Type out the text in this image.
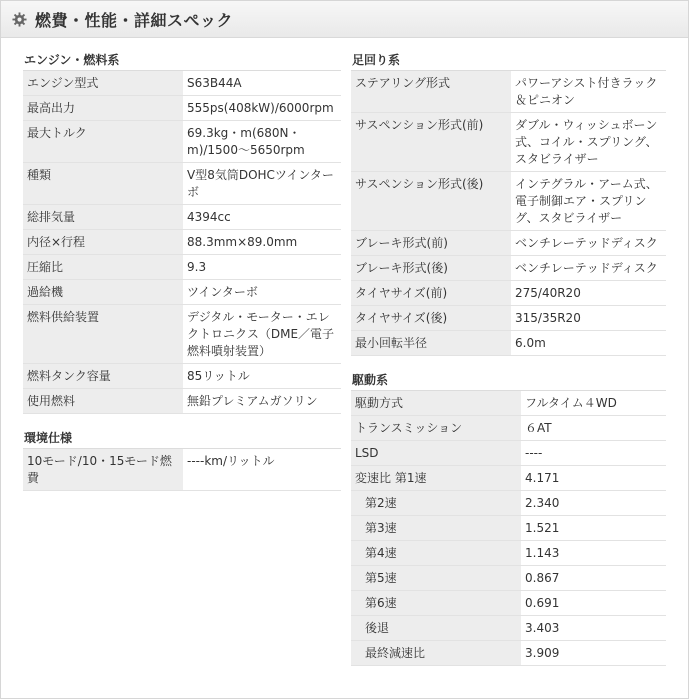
燃費・性能・詳細スペック
エンジン・燃料系
エンジン型式	S63B44A
最高出力	555ps(408kW)/6000rpm
最大トルク	69.3kg・m(680N・m)/1500〜5650rpm
種類	V型8気筒DOHCツインターボ
総排気量	4394cc
内径×行程	88.3mm×89.0mm
圧縮比	9.3
過給機	ツインターボ
燃料供給装置	デジタル・モーター・エレクトロニクス（DME／電子燃料噴射装置）
燃料タンク容量	85リットル
使用燃料	無鉛プレミアムガソリン
環境仕様
10モード/10・15モード燃費	----km/リットル
足回り系
ステアリング形式	パワーアシスト付きラック＆ピニオン
サスペンション形式(前)	ダブル・ウィッシュボーン式、コイル・スプリング、スタビライザー
サスペンション形式(後)	インテグラル・アーム式、電子制御エア・スプリング、スタビライザー
ブレーキ形式(前)	ベンチレーテッドディスク
ブレーキ形式(後)	ベンチレーテッドディスク
タイヤサイズ(前)	275/40R20
タイヤサイズ(後)	315/35R20
最小回転半径	6.0m
駆動系
駆動方式	フルタイム４WD
トランスミッション	６AT
LSD	----
変速比 第1速	4.171
第2速	2.340
第3速	1.521
第4速	1.143
第5速	0.867
第6速	0.691
後退	3.403
最終減速比	3.909
